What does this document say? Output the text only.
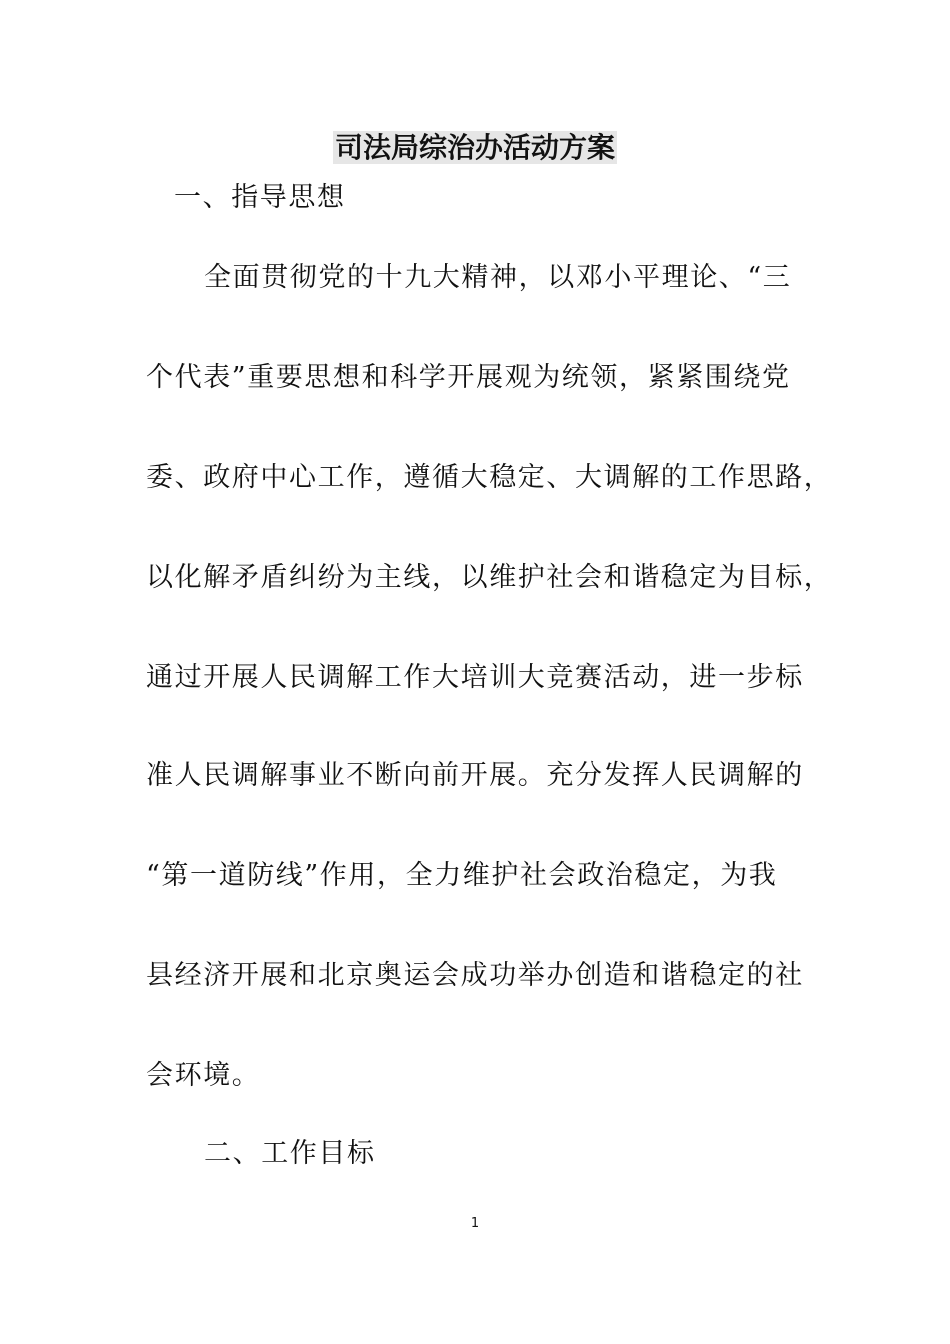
司法局综治办活动方案
一、指导思想
全面贯彻党的十九大精神，以邓小平理论、“三
个代表”重要思想和科学开展观为统领，紧紧围绕党
委、政府中心工作，遵循大稳定、大调解的工作思路，
以化解矛盾纠纷为主线，以维护社会和谐稳定为目标，
通过开展人民调解工作大培训大竞赛活动，进一步标
准人民调解事业不断向前开展。充分发挥人民调解的
“第一道防线”作用，全力维护社会政治稳定，为我
县经济开展和北京奥运会成功举办创造和谐稳定的社
会环境。
二、工作目标
1
